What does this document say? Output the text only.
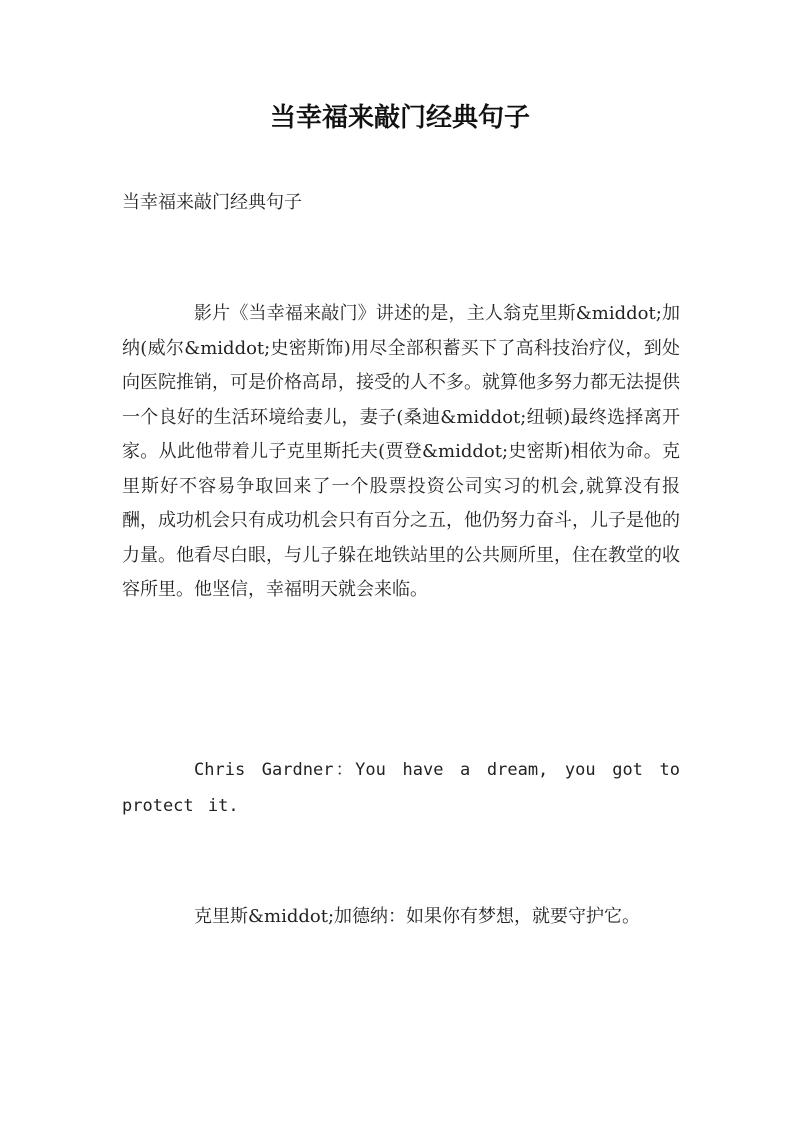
当幸福来敲门经典句子

当幸福来敲门经典句子

影片《当幸福来敲门》讲述的是，主人翁克里斯&middot;加纳(威尔&middot;史密斯饰)用尽全部积蓄买下了高科技治疗仪，到处向医院推销，可是价格高昂，接受的人不多。就算他多努力都无法提供一个良好的生活环境给妻儿，妻子(桑迪&middot;纽顿)最终选择离开家。从此他带着儿子克里斯托夫(贾登&middot;史密斯)相依为命。克里斯好不容易争取回来了一个股票投资公司实习的机会,就算没有报酬，成功机会只有成功机会只有百分之五，他仍努力奋斗，儿子是他的力量。他看尽白眼，与儿子躲在地铁站里的公共厕所里，住在教堂的收容所里。他坚信，幸福明天就会来临。

Chris Gardner：You have a dream, you got to protect it.

克里斯&middot;加德纳：如果你有梦想，就要守护它。
